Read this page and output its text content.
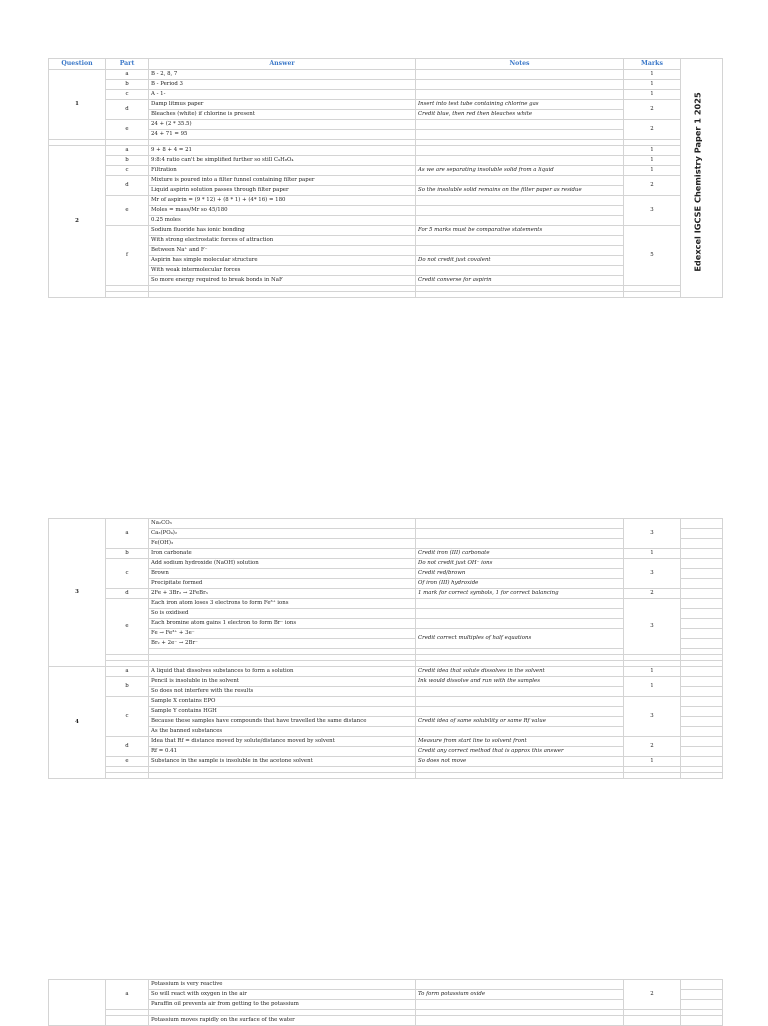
Question	Part	Answer	Notes	Marks	
1	a	B - 2, 8, 7		1	
	b	B - Period 3		1	
	c	A - 1-		1	
	d	Damp litmus paper	Insert into test tube containing chlorine gas	2	
		Bleaches (white) if chlorine is present	Credit blue, then red then bleaches white		
	e	24 + (2 * 35.5)		2	
		24 + 71 = 95			

2	a	9 + 8 + 4 = 21		1	
	b	9:8:4 ratio can't be simplified further so still C₉H₈O₄		1	
	c	Filtration	As we are separating insoluble solid from a liquid	1	
	d	Mixture is poured into a filter funnel containing filter paper		2	
		Liquid aspirin solution passes through filter paper	So the insoluble solid remains on the filter paper as residue		
	e	Mr of aspirin = (9 * 12) + (8 * 1) + (4* 16) = 180		3	
		Moles = mass/Mr so 45/180			
		0.25 moles			
	f	Sodium fluoride has ionic bonding	For 5 marks must be comparative statements	5	
		With strong electrostatic forces of attraction			
		Between Na⁺ and F⁻			
		Aspirin has simple molecular structure	Do not credit just covalent		
		With weak intermolecular forces			
		So more energy required to break bonds in NaF	Credit converse for aspirin		

Edexcel IGCSE Chemistry Paper 1 2025
3	a	Na₂CO₃		3		
		Ca₃(PO₄)₂				
		Fe(OH)₃				
	b	Iron carbonate	Credit iron (III) carbonate	1		
	c	Add sodium hydroxide (NaOH) solution	Do not credit just OH⁻ ions	3		
		Brown	Credit red/brown			
		Precipitate formed	Of iron (III) hydroxide			
	d	2Fe + 3Br₂ → 2FeBr₃	1 mark for correct symbols, 1 for correct balancing	2		
	e	Each iron atom loses 3 electrons to form Fe³⁺ ions		3		
		So is oxidised				
		Each bromine atom gains 1 electron to form Br⁻ ions				
		Fe → Fe³⁺ + 3e⁻	Credit correct multiples of half equations			
		Br₂ + 2e⁻ → 2Br⁻				

4	a	A liquid that dissolves substances to form a solution	Credit idea that solute dissolves in the solvent	1		
	b	Pencil is insoluble in the solvent	Ink would dissolve and run with the samples	1		
		So does not interfere with the results				
	c	Sample X contains EPO		3		
		Sample Y contains HGH				
		Because these samples have compounds that have travelled the same distance	Credit idea of same solubility or same Rf value			
		As the banned substances				
	d	Idea that Rf = distance moved by solute/distance moved by solvent	Measure from start line to solvent front	2		
		Rf = 0.41	Credit any correct method that is approx this answer			
	e	Substance in the sample is insoluble in the acetone solvent	So does not move	1		

	a	Potassium is very reactive		2	
		So will react with oxygen in the air	To form potassium oxide		
		Paraffin oil prevents air from getting to the potassium			

		Potassium moves rapidly on the surface of the water			
